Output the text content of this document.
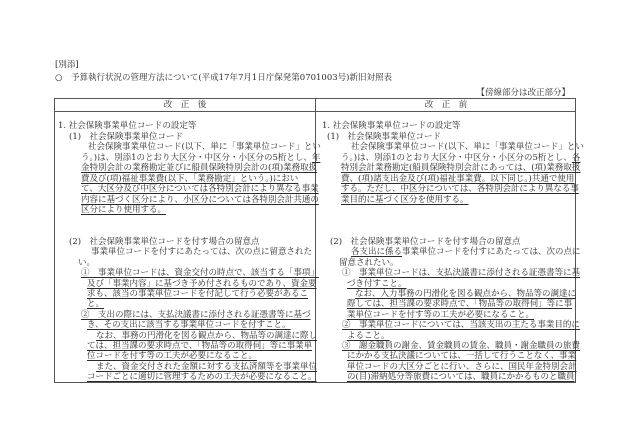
[別添]
○ 予算執行状況の管理方法について(平成17年7月1日庁保発第0701003号)新旧対照表
【傍線部分は改正部分】
改　正　後	改　正　前
1. 社会保険事業単位コードの設定等
(1)　社会保険事業単位コード
社会保険事業単位コード(以下、単に「事業単位コード」とい
う。)は、別添1のとおり大区分・中区分・小区分の5桁とし、年
金特別会計の業務勘定並びに船員保険特別会計の(項)業務取扱
費及び(項)福祉事業費(以下、「業務勘定」という。)におい
て、大区分及び中区分については各特別会計により異なる事業
内容に基づく区分により、小区分については各特別会計共通の
区分により使用する。
(2)　社会保険事業単位コードを付す場合の留意点
事業単位コードを付すにあたっては、次の点に留意された
い。
①　事業単位コードは、資金交付の時点で、該当する「事項」
及び「事業内容」に基づき予め付されるものであり、資金要
求も、該当の事業単位コードを付記して行う必要があるこ
と。
②　支出の際には、支払決議書に添付される証憑書等に基づ
き、その支出に該当する事業単位コードを付すこと。
なお、事務の円滑化を図る観点から、物品等の調達に際し
ては、担当課の要求時点で、「物品等の取得伺」等に事業単
位コードを付す等の工夫が必要になること。
また、資金交付された金額に対する支払済額等を事業単位
コードごとに適切に管理するための工夫が必要になること。
1. 社会保険事業単位コードの設定等
(1)　社会保険事業単位コード
社会保険事業単位コード(以下、単に「事業単位コード」とい
う。)は、別添1のとおり大区分・中区分・小区分の5桁とし、各
特別会計業務勘定(船員保険特別会計にあっては、(項)業務取扱
費、(項)諸支出金及び(項)福祉事業費。以下同じ。)共通で使用
する。ただし、中区分については、各特別会計により異なる事
業目的に基づく区分を使用する。
(2)　社会保険事業単位コードを付す場合の留意点
各支出に係る事業単位コードを付すにあたっては、次の点に
留意されたい。
①　事業単位コードは、支払決議書に添付される証憑書等に基
づき付すこと。
なお、入力事務の円滑化を図る観点から、物品等の調達に
際しては、担当課の要求時点で、「物品等の取得伺」等に事
業単位コードを付す等の工夫が必要になること。
②　事業単位コードについては、当該支出の主たる事業目的に
よること。
③　謝金職員の謝金、賃金職員の賃金、職員・謝金職員の旅費
にかかる支払決議については、一括して行うことなく、事業
単位コードの大区分ごとに行い、さらに、国民年金特別会計
の(目)滞納処分等旅費については、職員にかかるものと職員
